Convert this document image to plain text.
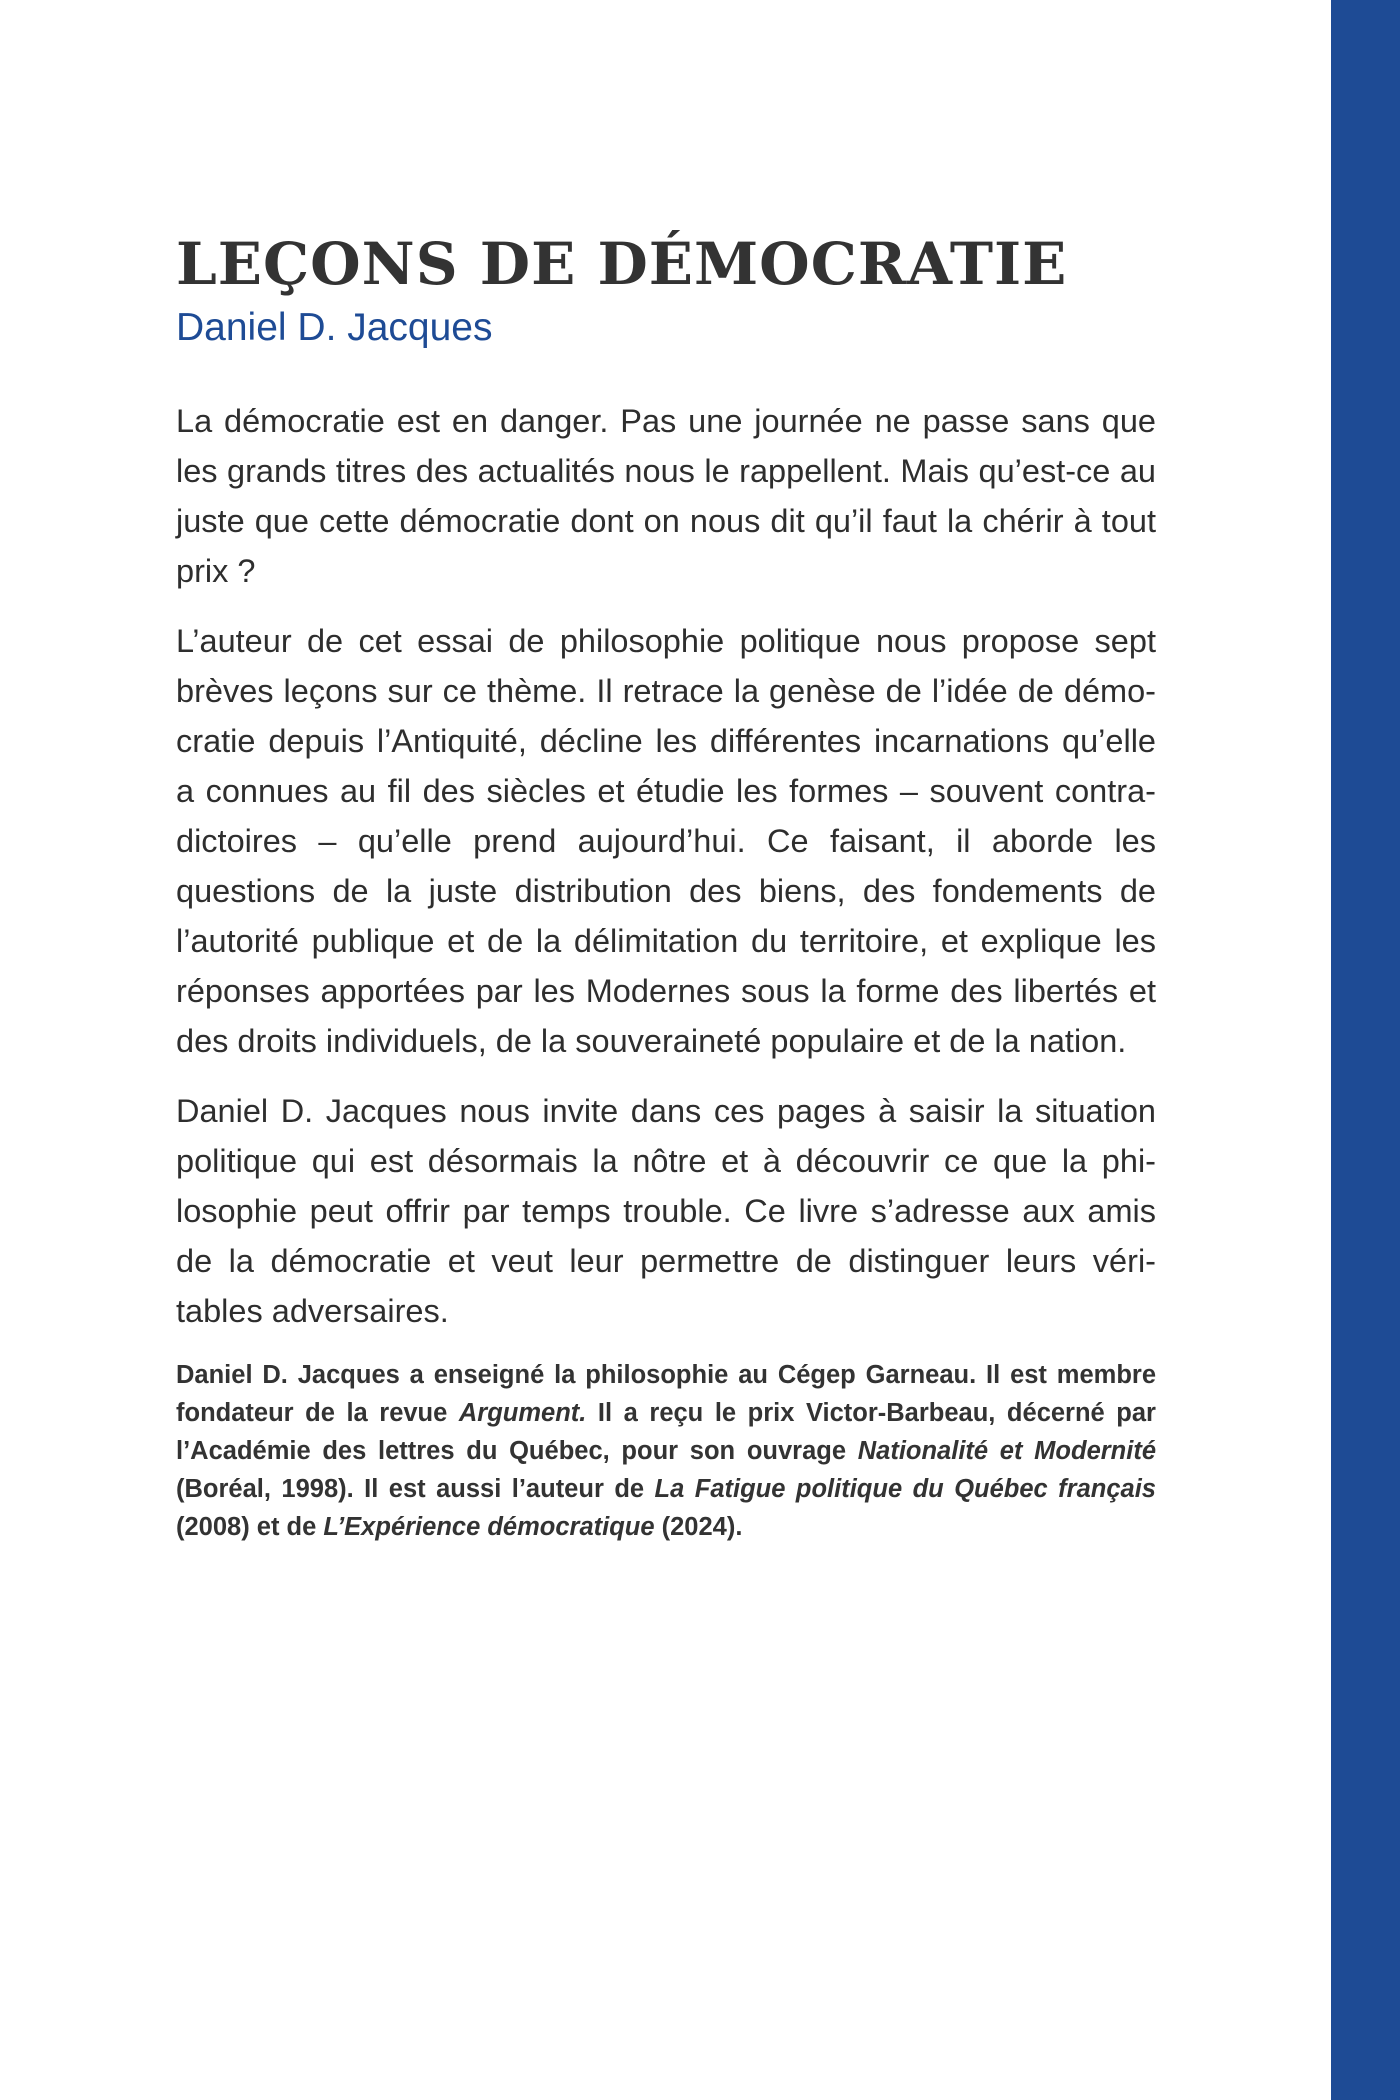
LEÇONS DE DÉMOCRATIE
Daniel D. Jacques

La démocratie est en danger. Pas une journée ne passe sans que les grands titres des actualités nous le rappellent. Mais qu’est-ce au juste que cette démocratie dont on nous dit qu’il faut la chérir à tout prix ?

L’auteur de cet essai de philosophie politique nous propose sept brèves leçons sur ce thème. Il retrace la genèse de l’idée de démocratie depuis l’Antiquité, décline les différentes incarnations qu’elle a connues au fil des siècles et étudie les formes – souvent contradictoires – qu’elle prend aujourd’hui. Ce faisant, il aborde les questions de la juste distribution des biens, des fondements de l’autorité publique et de la délimitation du territoire, et explique les réponses apportées par les Modernes sous la forme des libertés et des droits individuels, de la souveraineté populaire et de la nation.

Daniel D. Jacques nous invite dans ces pages à saisir la situation politique qui est désormais la nôtre et à découvrir ce que la philosophie peut offrir par temps trouble. Ce livre s’adresse aux amis de la démocratie et veut leur permettre de distinguer leurs véritables adversaires.

Daniel D. Jacques a enseigné la philosophie au Cégep Garneau. Il est membre fondateur de la revue Argument. Il a reçu le prix Victor-Barbeau, décerné par l’Académie des lettres du Québec, pour son ouvrage Nationalité et Modernité (Boréal, 1998). Il est aussi l’auteur de La Fatigue politique du Québec français (2008) et de L’Expérience démocratique (2024).
